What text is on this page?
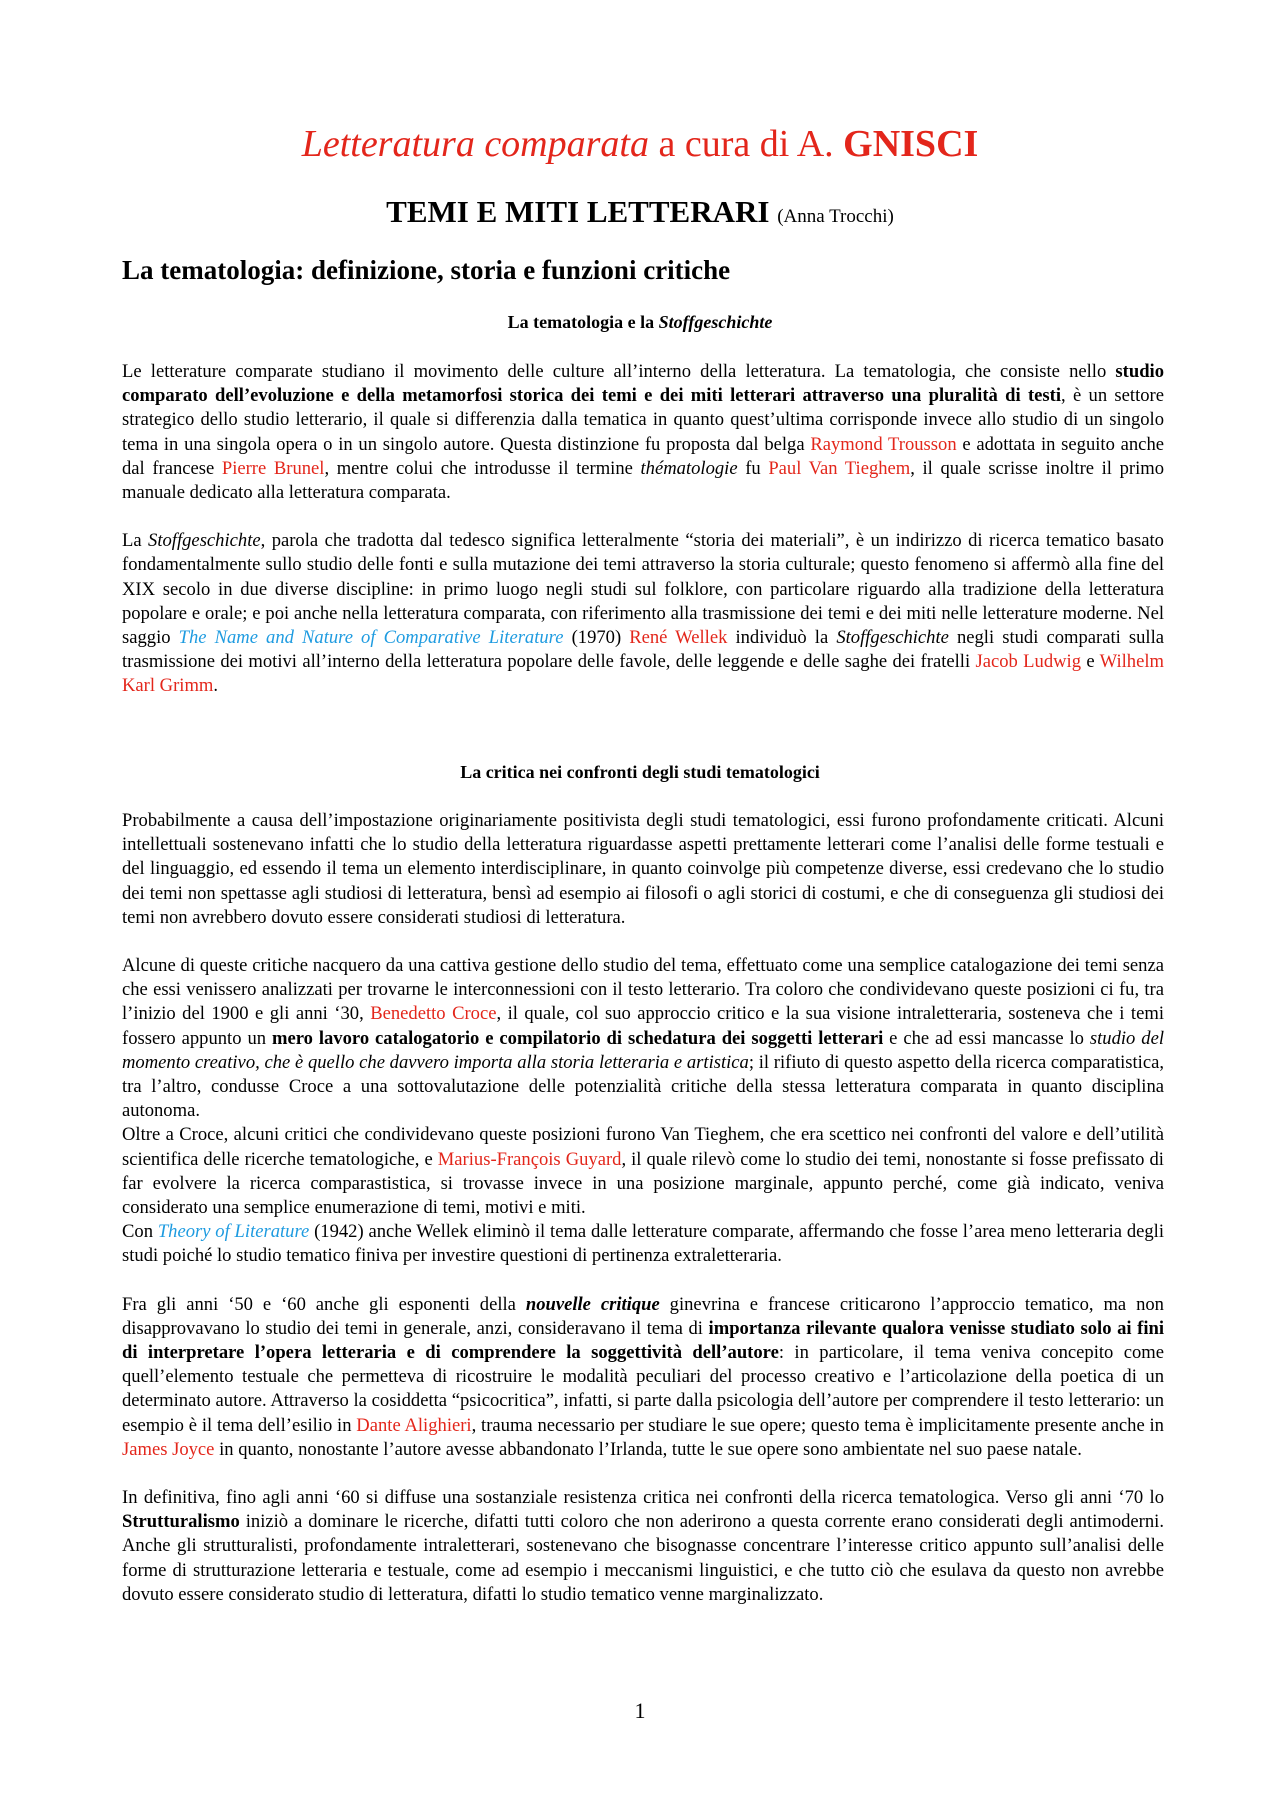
Letteratura comparata a cura di A. GNISCI
TEMI E MITI LETTERARI (Anna Trocchi)
La tematologia: definizione, storia e funzioni critiche
La tematologia e la Stoffgeschichte

Le letterature comparate studiano il movimento delle culture all’interno della letteratura. La tematologia, che consiste nello studio comparato dell’evoluzione e della metamorfosi storica dei temi e dei miti letterari attraverso una pluralità di testi, è un settore strategico dello studio letterario, il quale si differenzia dalla tematica in quanto quest’ultima corrisponde invece allo studio di un singolo tema in una singola opera o in un singolo autore. Questa distinzione fu proposta dal belga Raymond Trousson e adottata in seguito anche dal francese Pierre Brunel, mentre colui che introdusse il termine thématologie fu Paul Van Tieghem, il quale scrisse inoltre il primo manuale dedicato alla letteratura comparata.

La Stoffgeschichte, parola che tradotta dal tedesco significa letteralmente “storia dei materiali”, è un indirizzo di ricerca tematico basato fondamentalmente sullo studio delle fonti e sulla mutazione dei temi attraverso la storia culturale; questo fenomeno si affermò alla fine del XIX secolo in due diverse discipline: in primo luogo negli studi sul folklore, con particolare riguardo alla tradizione della letteratura popolare e orale; e poi anche nella letteratura comparata, con riferimento alla trasmissione dei temi e dei miti nelle letterature moderne. Nel saggio The Name and Nature of Comparative Literature (1970) René Wellek individuò la Stoffgeschichte negli studi comparati sulla trasmissione dei motivi all’interno della letteratura popolare delle favole, delle leggende e delle saghe dei fratelli Jacob Ludwig e Wilhelm Karl Grimm.

La critica nei confronti degli studi tematologici

Probabilmente a causa dell’impostazione originariamente positivista degli studi tematologici, essi furono profondamente criticati. Alcuni intellettuali sostenevano infatti che lo studio della letteratura riguardasse aspetti prettamente letterari come l’analisi delle forme testuali e del linguaggio, ed essendo il tema un elemento interdisciplinare, in quanto coinvolge più competenze diverse, essi credevano che lo studio dei temi non spettasse agli studiosi di letteratura, bensì ad esempio ai filosofi o agli storici di costumi, e che di conseguenza gli studiosi dei temi non avrebbero dovuto essere considerati studiosi di letteratura.

Alcune di queste critiche nacquero da una cattiva gestione dello studio del tema, effettuato come una semplice catalogazione dei temi senza che essi venissero analizzati per trovarne le interconnessioni con il testo letterario. Tra coloro che condividevano queste posizioni ci fu, tra l’inizio del 1900 e gli anni ‘30, Benedetto Croce, il quale, col suo approccio critico e la sua visione intraletteraria, sosteneva che i temi fossero appunto un mero lavoro catalogatorio e compilatorio di schedatura dei soggetti letterari e che ad essi mancasse lo studio del momento creativo, che è quello che davvero importa alla storia letteraria e artistica; il rifiuto di questo aspetto della ricerca comparatistica, tra l’altro, condusse Croce a una sottovalutazione delle potenzialità critiche della stessa letteratura comparata in quanto disciplina autonoma.

Oltre a Croce, alcuni critici che condividevano queste posizioni furono Van Tieghem, che era scettico nei confronti del valore e dell’utilità scientifica delle ricerche tematologiche, e Marius-François Guyard, il quale rilevò come lo studio dei temi, nonostante si fosse prefissato di far evolvere la ricerca comparastistica, si trovasse invece in una posizione marginale, appunto perché, come già indicato, veniva considerato una semplice enumerazione di temi, motivi e miti.

Con Theory of Literature (1942) anche Wellek eliminò il tema dalle letterature comparate, affermando che fosse l’area meno letteraria degli studi poiché lo studio tematico finiva per investire questioni di pertinenza extraletteraria.

Fra gli anni ‘50 e ‘60 anche gli esponenti della nouvelle critique ginevrina e francese criticarono l’approccio tematico, ma non disapprovavano lo studio dei temi in generale, anzi, consideravano il tema di importanza rilevante qualora venisse studiato solo ai fini di interpretare l’opera letteraria e di comprendere la soggettività dell’autore: in particolare, il tema veniva concepito come quell’elemento testuale che permetteva di ricostruire le modalità peculiari del processo creativo e l’articolazione della poetica di un determinato autore. Attraverso la cosiddetta “psicocritica”, infatti, si parte dalla psicologia dell’autore per comprendere il testo letterario: un esempio è il tema dell’esilio in Dante Alighieri, trauma necessario per studiare le sue opere; questo tema è implicitamente presente anche in James Joyce in quanto, nonostante l’autore avesse abbandonato l’Irlanda, tutte le sue opere sono ambientate nel suo paese natale.

In definitiva, fino agli anni ‘60 si diffuse una sostanziale resistenza critica nei confronti della ricerca tematologica. Verso gli anni ‘70 lo Strutturalismo iniziò a dominare le ricerche, difatti tutti coloro che non aderirono a questa corrente erano considerati degli antimoderni. Anche gli strutturalisti, profondamente intraletterari, sostenevano che bisognasse concentrare l’interesse critico appunto sull’analisi delle forme di strutturazione letteraria e testuale, come ad esempio i meccanismi linguistici, e che tutto ciò che esulava da questo non avrebbe dovuto essere considerato studio di letteratura, difatti lo studio tematico venne marginalizzato.

1
